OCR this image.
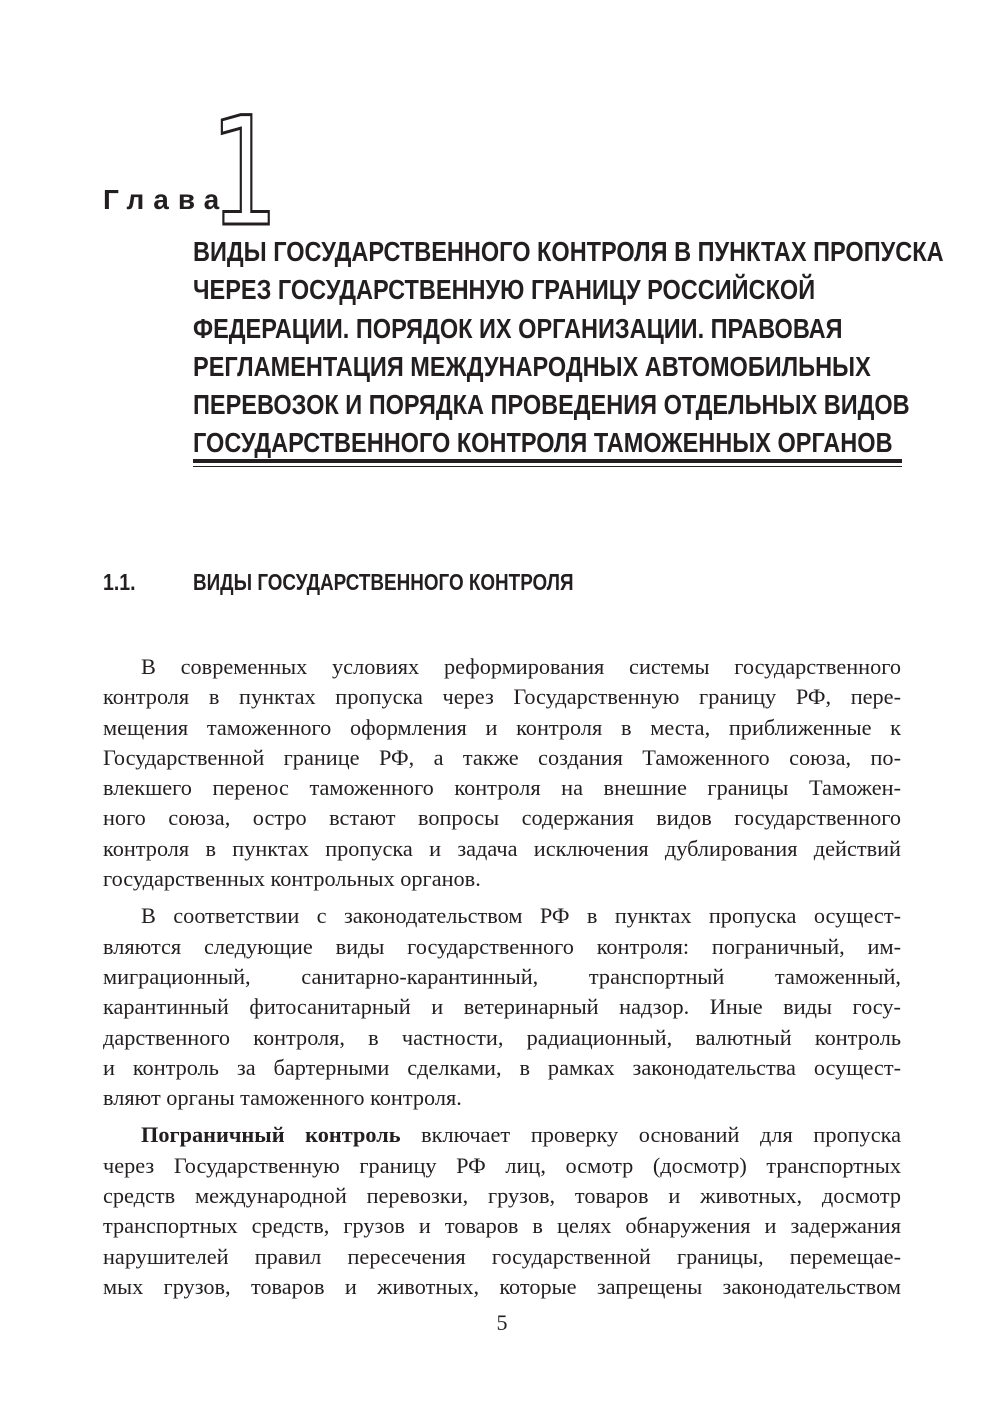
Глава
1
ВИДЫ ГОСУДАРСТВЕННОГО КОНТРОЛЯ В ПУНКТАХ ПРОПУСКА
ЧЕРЕЗ ГОСУДАРСТВЕННУЮ ГРАНИЦУ РОССИЙСКОЙ
ФЕДЕРАЦИИ. ПОРЯДОК ИХ ОРГАНИЗАЦИИ. ПРАВОВАЯ
РЕГЛАМЕНТАЦИЯ МЕЖДУНАРОДНЫХ АВТОМОБИЛЬНЫХ
ПЕРЕВОЗОК И ПОРЯДКА ПРОВЕДЕНИЯ ОТДЕЛЬНЫХ ВИДОВ
ГОСУДАРСТВЕННОГО КОНТРОЛЯ ТАМОЖЕННЫХ ОРГАНОВ
1.1. ВИДЫ ГОСУДАРСТВЕННОГО КОНТРОЛЯ
В современных условиях реформирования системы государственного
контроля в пунктах пропуска через Государственную границу РФ, пере-
мещения таможенного оформления и контроля в места, приближенные к
Государственной границе РФ, а также создания Таможенного союза, по-
влекшего перенос таможенного контроля на внешние границы Таможен-
ного союза, остро встают вопросы содержания видов государственного
контроля в пунктах пропуска и задача исключения дублирования действий
государственных контрольных органов.
В соответствии с законодательством РФ в пунктах пропуска осущест-
вляются следующие виды государственного контроля: пограничный, им-
миграционный, санитарно-карантинный, транспортный таможенный,
карантинный фитосанитарный и ветеринарный надзор. Иные виды госу-
дарственного контроля, в частности, радиационный, валютный контроль
и контроль за бартерными сделками, в рамках законодательства осущест-
вляют органы таможенного контроля.
Пограничный контроль включает проверку оснований для пропуска
через Государственную границу РФ лиц, осмотр (досмотр) транспортных
средств международной перевозки, грузов, товаров и животных, досмотр
транспортных средств, грузов и товаров в целях обнаружения и задержания
нарушителей правил пересечения государственной границы, перемещае-
мых грузов, товаров и животных, которые запрещены законодательством
5
